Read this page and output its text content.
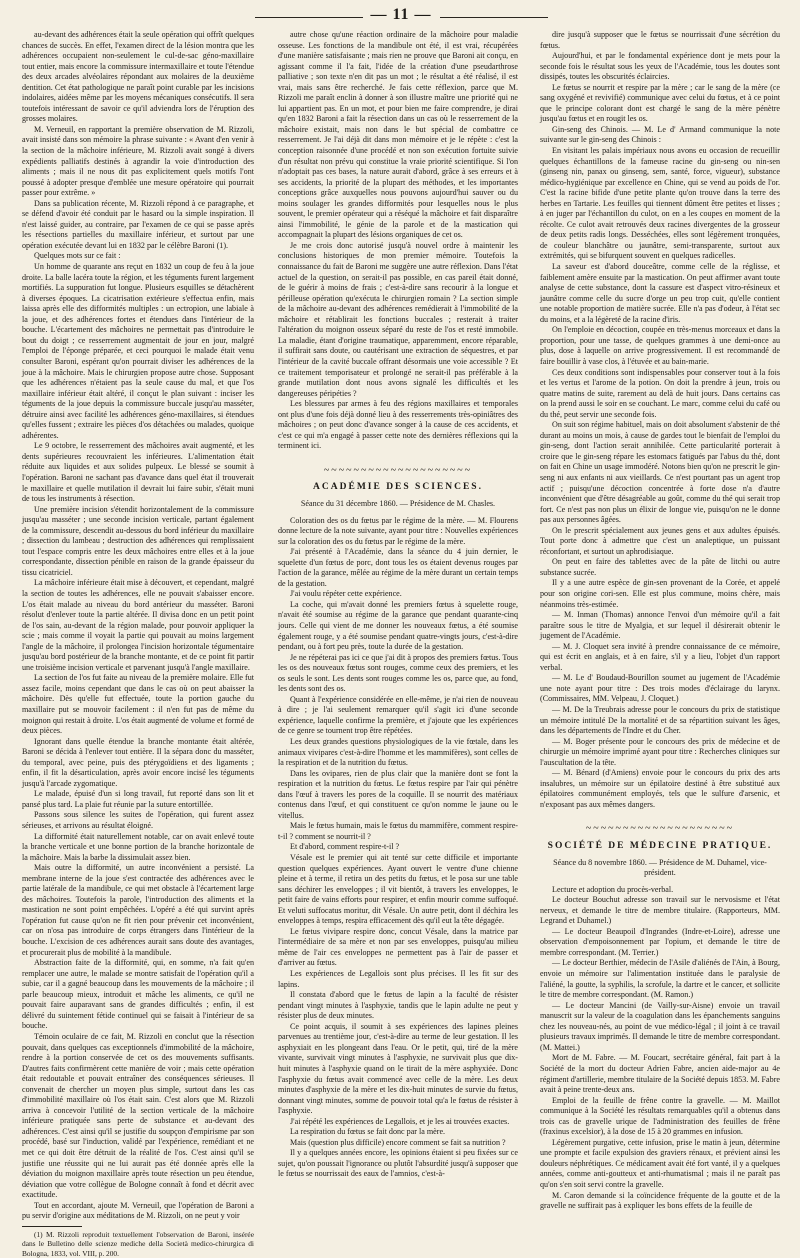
— 11 —

au-devant des adhérences était la seule opération qui offrît quelques chances de succès. En effet, l'examen direct de la lésion montra que les adhérences occupaient non-seulement le cul-de-sac géno-maxillaire tout entier, mais encore la commissure intermaxillaire et toute l'étendue des deux arcades alvéolaires répondant aux molaires de la deuxième dentition. Cet état pathologique ne paraît point curable par les incisions indolaires, aidées même par les moyens mécaniques consécutifs. Il sera toutefois intéressant de savoir ce qu'il adviendra lors de l'éruption des grosses molaires.

M. Verneuil, en rapportant la première observation de M. Rizzoli, avait insisté dans son mémoire la phrase suivante : « Avant d'en venir à la section de la mâchoire inférieure, M. Rizzoli avait songé à divers expédients palliatifs destinés à agrandir la voie d'introduction des aliments ; mais il ne nous dit pas explicitement quels motifs l'ont poussé à adopter presque d'emblée une mesure opératoire qui pourrait passer pour extrême. »

Dans sa publication récente, M. Rizzoli répond à ce paragraphe, et se défend d'avoir été conduit par le hasard ou la simple inspiration. Il n'est laissé guider, au contraire, par l'examen de ce qui se passe après les résections partielles du maxillaire inférieur, et surtout par une opération exécutée devant lui en 1832 par le célèbre Baroni (1).

Quelques mots sur ce fait :

Un homme de quarante ans reçut en 1832 un coup de feu à la joue droite. La balle lacéra toute la région, et les téguments furent largement mortifiés. La suppuration fut longue. Plusieurs esquilles se détachèrent à diverses époques. La cicatrisation extérieure s'effectua enfin, mais laissa après elle des difformités multiples : un ectropion, une labiale à la joue, et des adhérences fortes et étendues dans l'intérieur de la bouche. L'écartement des mâchoires ne permettait pas d'introduire le bout du doigt ; ce resserrement augmentait de jour en jour, malgré l'emploi de l'éponge préparée, et ceci pourquoi le malade était venu consulter Baroni, espérant qu'on pourrait diviser les adhérences de la joue à la mâchoire. Mais le chirurgien propose autre chose. Supposant que les adhérences n'étaient pas la seule cause du mal, et que l'os maxillaire inférieur était altéré, il conçut le plan suivant : inciser les téguments de la joue depuis la commissure buccale jusqu'au masséter, détruire ainsi avec facilité les adhérences géno-maxillaires, si étendues qu'elles fussent ; extraire les pièces d'os détachées ou malades, quoique adhérentes.

Le 9 octobre, le resserrement des mâchoires avait augmenté, et les dents supérieures recouvraient les inférieures. L'alimentation était réduite aux liquides et aux solides pulpeux. Le blessé se soumit à l'opération. Baroni ne sachant pas d'avance dans quel état il trouverait le maxillaire et quelle mutilation il devrait lui faire subir, s'était muni de tous les instruments à résection.

Une première incision s'étendit horizontalement de la commissure jusqu'au masséter ; une seconde incision verticale, partant également de la commissure, descendit au-dessous du bord inférieur du maxillaire ; dissection du lambeau ; destruction des adhérences qui remplissaient tout l'espace compris entre les deux mâchoires entre elles et à la joue correspondante, dissection pénible en raison de la grande épaisseur du tissu cicatriciel.

La mâchoire inférieure était mise à découvert, et cependant, malgré la section de toutes les adhérences, elle ne pouvait s'abaisser encore. L'os était malade au niveau du bord antérieur du masséter. Baroni résolut d'enlever toute la partie altérée. Il divisa donc en un petit point de l'os sain, au-devant de la région malade, pour pouvoir appliquer la scie ; mais comme il voyait la partie qui pouvait au moins largement l'angle de la mâchoire, il prolongea l'incision horizontale tégumentaire jusqu'au bord postérieur de la branche montante, et de ce point fit partir une troisième incision verticale et parvenant jusqu'à l'angle maxillaire.

La section de l'os fut faite au niveau de la première molaire. Elle fut assez facile, moins cependant que dans le cas où on peut abaisser la mâchoire. Dès qu'elle fut effectuée, toute la portion gauche du maxillaire put se mouvoir facilement : il n'en fut pas de même du moignon qui restait à droite. L'os était augmenté de volume et formé de deux pièces.

Ignorant dans quelle étendue la branche montante était altérée, Baroni se décida à l'enlever tout entière. Il la sépara donc du masséter, du temporal, avec peine, puis des ptérygoïdiens et des ligaments ; enfin, il fit la désarticulation, après avoir encore incisé les téguments jusqu'à l'arcade zygomatique.

Le malade, épuisé d'un si long travail, fut reporté dans son lit et pansé plus tard. La plaie fut réunie par la suture entortillée.

Passons sous silence les suites de l'opération, qui furent assez sérieuses, et arrivons au résultat éloigné.

La difformité était naturellement notable, car on avait enlevé toute la branche verticale et une bonne portion de la branche horizontale de la mâchoire. Mais la barbe la dissimulait assez bien.

Mais outre la difformité, un autre inconvénient a persisté. La membrane interne de la joue s'est contractée des adhérences avec le partie latérale de la mandibule, ce qui met obstacle à l'écartement large des mâchoires. Toutefois la parole, l'introduction des aliments et la mastication ne sont point empêchées. L'opéré a été qui survint après l'opération fut cause qu'on ne fit rien pour prévenir cet inconvénient, car on n'osa pas introduire de corps étrangers dans l'intérieur de la bouche. L'excision de ces adhérences aurait sans doute des avantages, et procurerait plus de mobilité à la mandibule.

Abstraction faite de la difformité, qui, en somme, n'a fait qu'en remplacer une autre, le malade se montre satisfait de l'opération qu'il a subie, car il a gagné beaucoup dans les mouvements de la mâchoire ; il parle beaucoup mieux, introduit et mâche les aliments, ce qu'il ne pouvait faire auparavant sans de grandes difficultés ; enfin, il est délivré du suintement fétide continuel qui se faisait à l'intérieur de sa bouche.

Témoin oculaire de ce fait, M. Rizzoli en conclut que la résection pouvait, dans quelques cas exceptionnels d'immobilité de la mâchoire, rendre à la portion conservée de cet os des mouvements suffisants. D'autres faits confirmèrent cette manière de voir ; mais cette opération était redoutable et pouvait entraîner des conséquences sérieuses. Il convenait de chercher un moyen plus simple, surtout dans les cas d'immobilité maxillaire où l'os était sain. C'est alors que M. Rizzoli arriva à concevoir l'utilité de la section verticale de la mâchoire inférieure pratiquée sans perte de substance et au-devant des adhérences. C'est ainsi qu'il se justifie du soupçon d'empirisme par son procédé, basé sur l'induction, validé par l'expérience, remédiant et ne met ce qui doit être détruit de la réalité de l'os. C'est ainsi qu'il se justifie une réussite qui ne lui aurait pas été donnée après elle la déviation du moignon maxillaire après toute résection un peu étendue, déviation que votre collègue de Bologne connaît à fond et décrit avec exactitude.

Tout en accordant, ajoute M. Verneuil, que l'opération de Baroni a pu servir d'origine aux méditations de M. Rizzoli, on ne peut y voir

(1) M. Rizzoli reproduit textuellement l'observation de Baroni, insérée dans le Bulletino delle scienze mediche della Società medico-chirurgica di Bologna, 1833, vol. VIII, p. 200.

autre chose qu'une réaction ordinaire de la mâchoire pour maladie osseuse. Les fonctions de la mandibule ont été, il est vrai, récupérées d'une manière satisfaisante ; mais rien ne prouve que Baroni ait conçu, en agissant comme il l'a fait, l'idée de la création d'une pseudarthrose palliative ; son texte n'en dit pas un mot ; le résultat a été réalisé, il est vrai, mais sans être recherché. Je fais cette réflexion, parce que M. Rizzoli me paraît enclin à donner à son illustre maître une priorité qui ne lui appartient pas. En un mot, et pour bien me faire comprendre, je dirai qu'en 1832 Baroni a fait la résection dans un cas où le resserrement de la mâchoire existait, mais non dans le but spécial de combattre ce resserrement. Je l'ai déjà dit dans mon mémoire et je le répète : c'est la conception raisonnée d'une procédé et non son exécution fortuite suivie d'un résultat non prévu qui constitue la vraie priorité scientifique. Si l'on n'adoptait pas ces bases, la nature aurait d'abord, grâce à ses erreurs et à ses accidents, la priorité de la plupart des méthodes, et les importantes conceptions grâce auxquelles nous pouvons aujourd'hui sauver ou du moins soulager les grandes difformités pour lesquelles nous le plus souvent, le premier opérateur qui a réséqué la mâchoire et fait disparaître ainsi l'immobilité, le génie de la parole et de la mastication qui accompagnait la plupart des lésions organiques de cet os.

Je me crois donc autorisé jusqu'à nouvel ordre à maintenir les conclusions historiques de mon premier mémoire. Toutefois la connaissance du fait de Baroni me suggère une autre réflexion. Dans l'état actuel de la question, on serait-il pas possible, en cas pareil était donné, de le guérir à moins de frais ; c'est-à-dire sans recourir à la longue et périlleuse opération qu'exécuta le chirurgien romain ? La section simple de la mâchoire au-devant des adhérences remédierait à l'immobilité de la mâchoire et rétablirait les fonctions buccales ; resterait à traiter l'altération du moignon osseux séparé du reste de l'os et resté immobile. La maladie, étant d'origine traumatique, apparemment, encore réparable, il suffirait sans doute, ou cautérisant une extraction de séquestres, et par l'intérieur de la cavité buccale offrant désormais une voie accessible ? Et ce traitement temporisateur et prolongé ne serait-il pas préférable à la grande mutilation dont nous avons signalé les difficultés et les dangereuses péripéties ?

Les blessures par armes à feu des régions maxillaires et temporales ont plus d'une fois déjà donné lieu à des resserrements très-opiniâtres des mâchoires ; on peut donc d'avance songer à la cause de ces accidents, et c'est ce qui m'a engagé à passer cette note des dernières réflexions qui la terminent ici.

~~~~~~~~~~~~~~~~~~~~
ACADÉMIE DES SCIENCES.
Séance du 31 décembre 1860. — Présidence de M. Chasles.

Coloration des os du fœtus par le régime de la mère. — M. Flourens donne lecture de la note suivante, ayant pour titre : Nouvelles expériences sur la coloration des os du fœtus par le régime de la mère.

J'ai présenté à l'Académie, dans la séance du 4 juin dernier, le squelette d'un fœtus de porc, dont tous les os étaient devenus rouges par l'action de la garance, mêlée au régime de la mère durant un certain temps de la gestation.

J'ai voulu répéter cette expérience.

La coche, qui m'avait donné les premiers fœtus à squelette rouge, n'avait été soumise au régime de la garance que pendant quarante-cinq jours. Celle qui vient de me donner les nouveaux fœtus, a été soumise également rouge, y a été soumise pendant quatre-vingts jours, c'est-à-dire pendant, ou à fort peu près, toute la durée de la gestation.

Je ne répéterai pas ici ce que j'ai dit à propos des premiers fœtus. Tous les os des nouveaux fœtus sont rouges, comme ceux des premiers, et les os seuls le sont. Les dents sont rouges comme les os, parce que, au fond, les dents sont des os.

Quant à l'expérience considérée en elle-même, je n'ai rien de nouveau à dire ; je l'ai seulement remarquer qu'il s'agit ici d'une seconde expérience, laquelle confirme la première, et j'ajoute que les expériences de ce genre se tournent trop être répétées.

Les deux grandes questions physiologiques de la vie fœtale, dans les animaux vivipares c'est-à-dire l'homme et les mammifères), sont celles de la respiration et de la nutrition du fœtus.

Dans les ovipares, rien de plus clair que la manière dont se font la respiration et la nutrition du fœtus. Le fœtus respire par l'air qui pénètre dans l'œuf à travers les pores de la coquille. Il se nourrit des matériaux contenus dans l'œuf, et qui constituent ce qu'on nomme le jaune ou le vitellus.

Mais le fœtus humain, mais le fœtus du mammifère, comment respire-t-il ? comment se nourrit-il ?

Et d'abord, comment respire-t-il ?

Vésale est le premier qui ait tenté sur cette difficile et importante question quelques expériences. Ayant ouvert le ventre d'une chienne pleine et à terme, il retira un des petits du fœtus, et le posa sur une table sans déchirer les enveloppes ; il vit bientôt, à travers les enveloppes, le petit faire de vains efforts pour respirer, et enfin mourir comme suffoqué. Et veluti suffocatus moritur, dit Vésale. Un autre petit, dont il déchira les enveloppes à temps, respira efficacement dès qu'il eut la tête dégagée.

Le fœtus vivipare respire donc, concut Vésale, dans la matrice par l'intermédiaire de sa mère et non par ses enveloppes, puisqu'au milieu même de l'air ces enveloppes ne permettent pas à l'air de passer et d'arriver au fœtus.

Les expériences de Legallois sont plus précises. Il les fit sur des lapins.

Il constata d'abord que le fœtus de lapin a la faculté de résister pendant vingt minutes à l'asphyxie, tandis que le lapin adulte ne peut y résister plus de deux minutes.

Ce point acquis, il soumit à ses expériences des lapines pleines parvenues au trentième jour, c'est-à-dire au terme de leur gestation. Il les asphyxiait en les plongeant dans l'eau. Or le petit, qui, tiré de la mère vivante, survivait vingt minutes à l'asphyxie, ne survivait plus que dix-huit minutes à l'asphyxie quand on le tirait de la mère asphyxiée. Donc l'asphyxie du fœtus avait commencé avec celle de la mère. Les deux minutes d'asphyxie de la mère et les dix-huit minutes de survie du fœtus, donnant vingt minutes, somme de pouvoir total qu'a le fœtus de résister à l'asphyxie.

J'ai répété les expériences de Legallois, et je les ai trouvées exactes.

La respiration du fœtus se fait donc par la mère.

Mais (question plus difficile) encore comment se fait sa nutrition ?

Il y a quelques années encore, les opinions étaient si peu fixées sur ce sujet, qu'on poussait l'ignorance ou plutôt l'absurdité jusqu'à supposer que le fœtus se nourrissait des eaux de l'amnios, c'est-à-

dire jusqu'à supposer que le fœtus se nourrissait d'une sécrétion du fœtus.

Aujourd'hui, et par le fondamental expérience dont je mets pour la seconde fois le résultat sous les yeux de l'Académie, tous les doutes sont dissipés, toutes les obscurités éclaircies.

Le fœtus se nourrit et respire par la mère ; car le sang de la mère (ce sang oxygéné et revivifié) communique avec celui du fœtus, et à ce point que le principe colorant dont est chargé le sang de la mère pénètre jusqu'au fœtus et en rougit les os.

Gin-seng des Chinois. — M. Le d' Armand communique la note suivante sur le gin-seng des Chinois :

En visitant les palais impériaux nous avons eu occasion de recueillir quelques échantillons de la fameuse racine du gin-seng ou nin-sen (ginseng nin, panax ou ginseng, sem, santé, force, vigueur), substance médico-hygiénique par excellence en Chine, qui se vend au poids de l'or. C'est la racine bifide d'une petite plante qu'on trouve dans la terre des herbes en Tartarie. Les feuilles qui tiennent dûment être petites et lisses ; à en juger par l'échantillon du culot, on en a les coupes en moment de la récolte. Ce culot avait retrouvés deux racines divergentes de la grosseur de deux petits radis longs. Desséchées, elles sont légèrement tronquées, de couleur blanchâtre ou jaunâtre, semi-transparente, surtout aux extrémités, qui se bifurquent souvent en quelques radicelles.

La saveur est d'abord douceâtre, comme celle de la réglisse, et faiblement amère ensuite par la mastication. On peut affirmer avant toute analyse de cette substance, dont la cassure est d'aspect vitro-résineux et jaunâtre comme celle du sucre d'orge un peu trop cuit, qu'elle contient une notable proportion de matière sucrée. Elle n'a pas d'odeur, à l'état sec du moins, et a la légèreté de la racine d'iris.

On l'emploie en décoction, coupée en très-menus morceaux et dans la proportion, pour une tasse, de quelques grammes à une demi-once au plus, dose à laquelle on arrive progressivement. Il est recommandé de faire bouillir à vase clos, à l'étuvée et au bain-marie.

Ces deux conditions sont indispensables pour conserver tout à la fois et les vertus et l'arome de la potion. On doit la prendre à jeun, trois ou quatre matins de suite, rarement au delà de huit jours. Dans certains cas on la prend aussi le soir en se couchant. Le marc, comme celui du café ou du thé, peut servir une seconde fois.

On suit son régime habituel, mais on doit absolument s'abstenir de thé durant au moins un mois, à cause de gardes tout le bienfait de l'emploi du gin-seng, dont l'action serait annihilée. Cette particularité porterait à croire que le gin-seng répare les estomacs fatigués par l'abus du thé, dont on fait en Chine un usage immodéré. Notons bien qu'on ne prescrit le gin-seng ni aux enfants ni aux vieillards. Ce n'est pourtant pas un agent trop actif ; puisqu'une décoction concentrée à forte dose n'a d'autre inconvénient que d'être désagréable au goût, comme du thé qui serait trop fort. Ce n'est pas non plus un élixir de longue vie, puisqu'on ne le donne pas aux personnes âgées.

On le prescrit spécialement aux jeunes gens et aux adultes épuisés. Tout porte donc à admettre que c'est un analeptique, un puissant réconfortant, et surtout un aphrodisiaque.

On peut en faire des tablettes avec de la pâte de litchi ou autre substance sucrée.

Il y a une autre espèce de gin-sen provenant de la Corée, et appelé pour son origine cori-sen. Elle est plus commune, moins chère, mais néanmoins très-estimée.

— M. Inman (Thomas) annonce l'envoi d'un mémoire qu'il a fait paraître sous le titre de Myalgia, et sur lequel il désirerait obtenir le jugement de l'Académie.

— M. J. Cloquet sera invité à prendre connaissance de ce mémoire, qui est écrit en anglais, et à en faire, s'il y a lieu, l'objet d'un rapport verbal.

— M. Le d' Boudaud-Bourillon soumet au jugement de l'Académie une note ayant pour titre : Des trois modes d'éclairage du larynx. (Commissaires, MM. Velpeau, J. Cloquet.)

— M. De la Treubrais adresse pour le concours du prix de statistique un mémoire intitulé De la mortalité et de sa répartition suivant les âges, dans les départements de l'Indre et du Cher.

— M. Boger présente pour le concours des prix de médecine et de chirurgie un mémoire imprimé ayant pour titre : Recherches cliniques sur l'auscultation de la tête.

— M. Bénard (d'Amiens) envoie pour le concours du prix des arts insalubres, un mémoire sur un épilatoire destiné à être substitué aux épilatoires communément employés, tels que le sulfure d'arsenic, et n'exposant pas aux mêmes dangers.

~~~~~~~~~~~~~~~~~~~~
SOCIÉTÉ DE MÉDECINE PRATIQUE.
Séance du 8 novembre 1860. — Présidence de M. Duhamel, vice-président.

Lecture et adoption du procès-verbal.

Le docteur Bouchut adresse son travail sur le nervosisme et l'état nerveux, et demande le titre de membre titulaire. (Rapporteurs, MM. Legrand et Duhamel.)

— Le docteur Beaupoil d'Ingrandes (Indre-et-Loire), adresse une observation d'empoisonnement par l'opium, et demande le titre de membre correspondant. (M. Terrier.)

— Le docteur Berthier, médecin de l'Asile d'aliénés de l'Ain, à Bourg, envoie un mémoire sur l'alimentation instituée dans le paralysie de l'aliéné, la goutte, la syphilis, la scrofule, la dartre et le cancer, et sollicite le titre de membre correspondant. (M. Ramon.)

— Le docteur Mancini (de Vailly-sur-Aisne) envoie un travail manuscrit sur la valeur de la coagulation dans les épanchements sanguins chez les nouveau-nés, au point de vue médico-légal ; il joint à ce travail plusieurs travaux imprimés. Il demande le titre de membre correspondant. (M. Mattei.)

Mort de M. Fabre. — M. Foucart, secrétaire général, fait part à la Société de la mort du docteur Adrien Fabre, ancien aide-major au 4e régiment d'artillerie, membre titulaire de la Société depuis 1853. M. Fabre avait à peine trente-deux ans.

Emploi de la feuille de frêne contre la gravelle. — M. Maillot communique à la Société les résultats remarquables qu'il a obtenus dans trois cas de gravelle urique de l'administration des feuilles de frêne (fraxinus excelsior), à la dose de 15 à 20 grammes en infusion.

Légèrement purgative, cette infusion, prise le matin à jeun, détermine une prompte et facile expulsion des graviers rénaux, et prévient ainsi les douleurs néphrétiques. Ce médicament avait été fort vanté, il y a quelques années, comme anti-goutteux et anti-rhumatismal ; mais il ne paraît pas qu'on s'en soit servi contre la gravelle.

M. Caron demande si la coïncidence fréquente de la goutte et de la gravelle ne suffirait pas à expliquer les bons effets de la feuille de
